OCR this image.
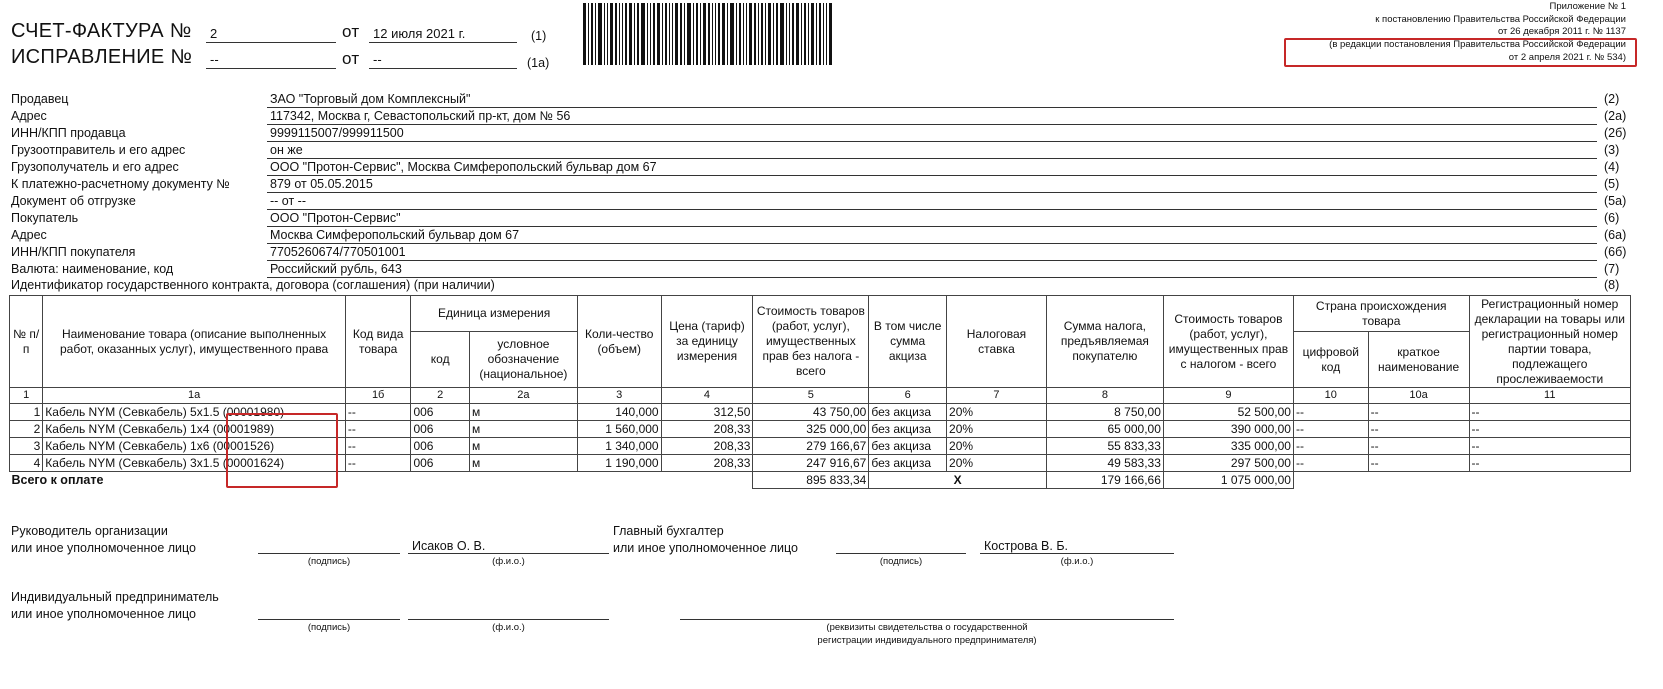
СЧЕТ-ФАКТУРА №
ИСПРАВЛЕНИЕ №
2	от	12 июля 2021 г.	(1)
--	от	--	(1а)
Приложение № 1
к постановлению Правительства Российской Федерации
от 26 декабря 2011 г. № 1137
(в редакции постановления Правительства Российской Федерации
от 2 апреля 2021 г. № 534)
Продавец	ЗАО "Торговый дом Комплексный"	(2)
Адрес	117342, Москва г, Севастопольский пр-кт, дом № 56	(2а)
ИНН/КПП продавца	9999115007/999911500	(2б)
Грузоотправитель и его адрес	он же	(3)
Грузополучатель и его адрес	ООО "Протон-Сервис", Москва Симферопольский бульвар дом 67	(4)
К платежно-расчетному документу №	879 от 05.05.2015	(5)
Документ об отгрузке	-- от --	(5а)
Покупатель	ООО "Протон-Сервис"	(6)
Адрес	Москва Симферопольский бульвар дом 67	(6а)
ИНН/КПП покупателя	7705260674/770501001	(6б)
Валюта: наименование, код	Российский рубль, 643	(7)
Идентификатор государственного контракта, договора (соглашения) (при наличии)	(8)
№ п/п	Наименование товара (описание выполненных работ, оказанных услуг), имущественного права	Код вида товара	Единица измерения		Коли-чество (объем)	Цена (тариф) за единицу измерения	Стоимость товаров (работ, услуг), имущественных прав без налога - всего	В том числе сумма акциза	Налоговая ставка	Сумма налога, предъявляемая покупателю	Стоимость товаров (работ, услуг), имущественных прав с налогом - всего	Страна происхождения товара		Регистрационный номер декларации на товары или регистрационный номер партии товара, подлежащего прослеживаемости
			код	условное обозначение (национальное)								цифровой код	краткое наименование	
1	1а	1б	2	2а	3	4	5	6	7	8	9	10	10а	11
1	Кабель NYM (Севкабель) 5х1.5 (00001980)	--	006	м	140,000	312,50	43 750,00	без акциза	20%	8 750,00	52 500,00	--	--	--
2	Кабель NYM (Севкабель) 1х4 (00001989)	--	006	м	1 560,000	208,33	325 000,00	без акциза	20%	65 000,00	390 000,00	--	--	--
3	Кабель NYM (Севкабель) 1х6 (00001526)	--	006	м	1 340,000	208,33	279 166,67	без акциза	20%	55 833,33	335 000,00	--	--	--
4	Кабель NYM (Севкабель) 3х1.5 (00001624)	--	006	м	1 190,000	208,33	247 916,67	без акциза	20%	49 583,33	297 500,00	--	--	--
Всего к оплате							895 833,34	X		179 166,66	1 075 000,00			
Руководитель организации
или иное уполномоченное лицо
(подпись)
Исаков О. В.
(ф.и.о.)
Главный бухгалтер
или иное уполномоченное лицо
(подпись)
Кострова В. Б.
(ф.и.о.)
Индивидуальный предприниматель
или иное уполномоченное лицо
(подпись)	(ф.и.о.)	(реквизиты свидетельства о государственной
регистрации индивидуального предпринимателя)
